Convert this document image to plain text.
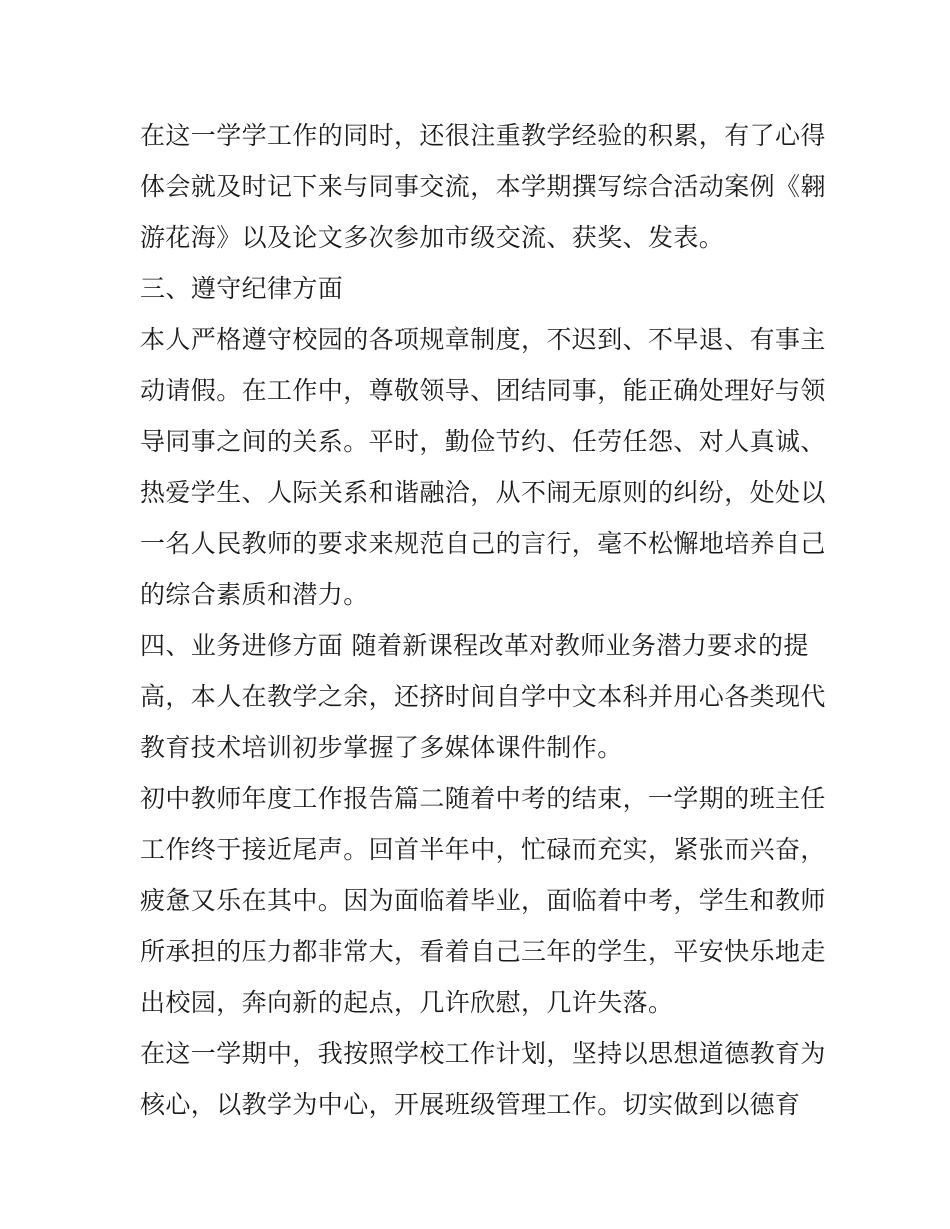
在这一学学工作的同时，还很注重教学经验的积累，有了心得
体会就及时记下来与同事交流，本学期撰写综合活动案例《翱
游花海》以及论文多次参加市级交流、获奖、发表。
三、遵守纪律方面
本人严格遵守校园的各项规章制度，不迟到、不早退、有事主
动请假。在工作中，尊敬领导、团结同事，能正确处理好与领
导同事之间的关系。平时，勤俭节约、任劳任怨、对人真诚、
热爱学生、人际关系和谐融洽，从不闹无原则的纠纷，处处以
一名人民教师的要求来规范自己的言行，毫不松懈地培养自己
的综合素质和潜力。
四、业务进修方面 随着新课程改革对教师业务潜力要求的提
高，本人在教学之余，还挤时间自学中文本科并用心各类现代
教育技术培训初步掌握了多媒体课件制作。
初中教师年度工作报告篇二随着中考的结束，一学期的班主任
工作终于接近尾声。回首半年中，忙碌而充实，紧张而兴奋，
疲惫又乐在其中。因为面临着毕业，面临着中考，学生和教师
所承担的压力都非常大，看着自己三年的学生，平安快乐地走
出校园，奔向新的起点，几许欣慰，几许失落。
在这一学期中，我按照学校工作计划，坚持以思想道德教育为
核心，以教学为中心，开展班级管理工作。切实做到以德育
